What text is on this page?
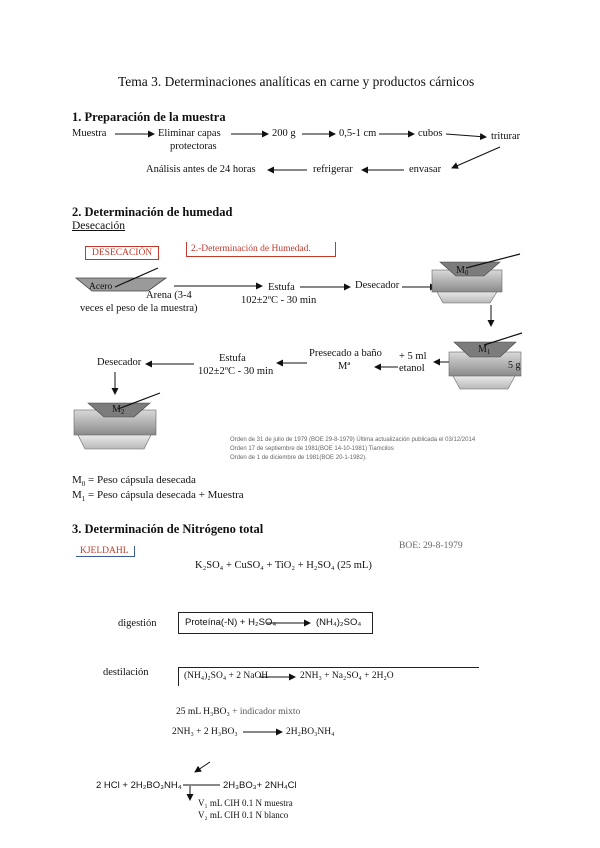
Tema 3. Determinaciones analíticas en carne y productos cárnicos
1. Preparación de la muestra
Muestra	Eliminar capas
protectoras
200 g	0,5-1 cm	cubos	triturar
Análisis antes de 24 horas	refrigerar	envasar
2. Determinación de humedad
Desecación
DESECACIÓN	2.-Determinación de Humedad.
Arena (3-4
veces el peso de la muestra)
Estufa
102±2ºC - 30 min
Desecador
+ 5 ml
etanol
Presecado a baño
Mª
Estufa
102±2ºC - 30 min
Desecador
Orden de 31 de julio de 1979 (BOE 29-8-1979) Última actualización publicada el 03/12/2014
Orden 17 de septiembre de 1981(BOE 14-10-1981) Tiamcilos
Orden de 1 de diciembre de 1981(BOE 20-1-1982).
$M_0$ = Peso cápsula desecada
$M_1$ = Peso cápsula desecada + Muestra
3. Determinación de Nitrógeno total
KJELDAHL	BOE: 29-8-1979
K₂SO₄ + CuSO₄ + TiO₂ + H₂SO₄ (25 mL)
digestión	Proteína(-N) + H₂SO₄	(NH₄)₂SO₄
destilación	(NH₄)₂SO₄ + 2 NaOH	2NH₃ + Na₂SO₄ + 2H₂O
25 mL H₃BO₃ + indicador mixto
2NH₃ + 2 H₃BO₃	2H₂BO₃NH₄
2 HCl + 2H₂BO₃NH₄	2H₃BO₃+ 2NH₄Cl
V₁ mL CIH 0.1 N muestra
V₂ mL CIH 0.1 N blanco
Acero
$M_0$
$M_1$
5 g
$M_2$
